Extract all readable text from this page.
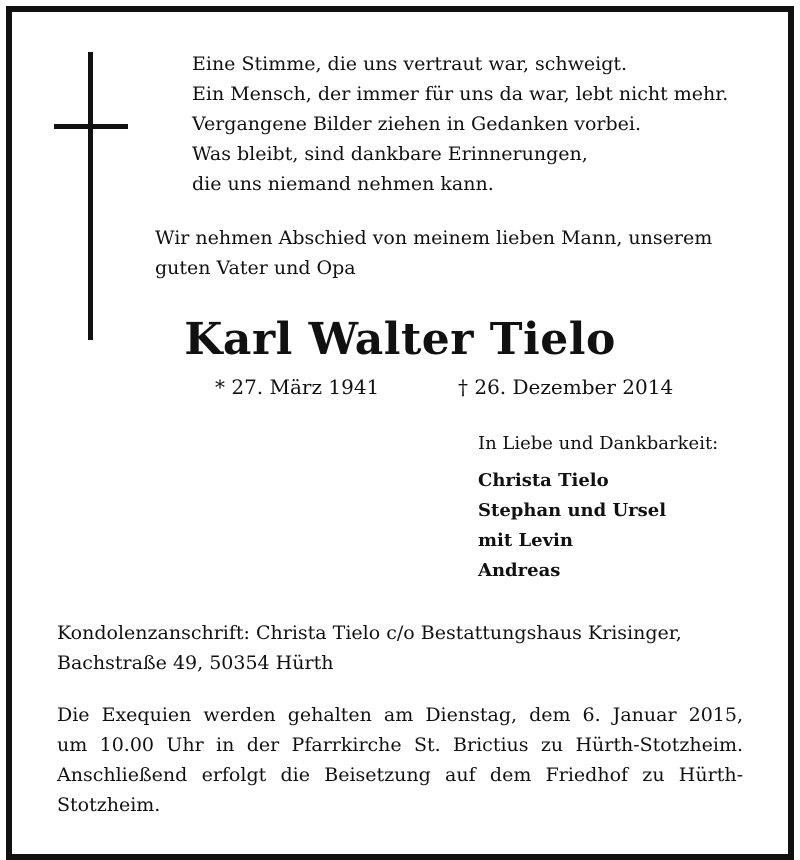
Eine Stimme, die uns vertraut war, schweigt.
Ein Mensch, der immer für uns da war, lebt nicht mehr.
Vergangene Bilder ziehen in Gedanken vorbei.
Was bleibt, sind dankbare Erinnerungen,
die uns niemand nehmen kann.
Wir nehmen Abschied von meinem lieben Mann, unserem
guten Vater und Opa
Karl Walter Tielo
* 27. März 1941	† 26. Dezember 2014
In Liebe und Dankbarkeit:
Christa Tielo
Stephan und Ursel
mit Levin
Andreas
Kondolenzanschrift: Christa Tielo c/o Bestattungshaus Krisinger,
Bachstraße 49, 50354 Hürth
Die Exequien werden gehalten am Dienstag, dem 6. Januar 2015,
um 10.00 Uhr in der Pfarrkirche St. Brictius zu Hürth-Stotzheim.
Anschließend erfolgt die Beisetzung auf dem Friedhof zu Hürth-
Stotzheim.
